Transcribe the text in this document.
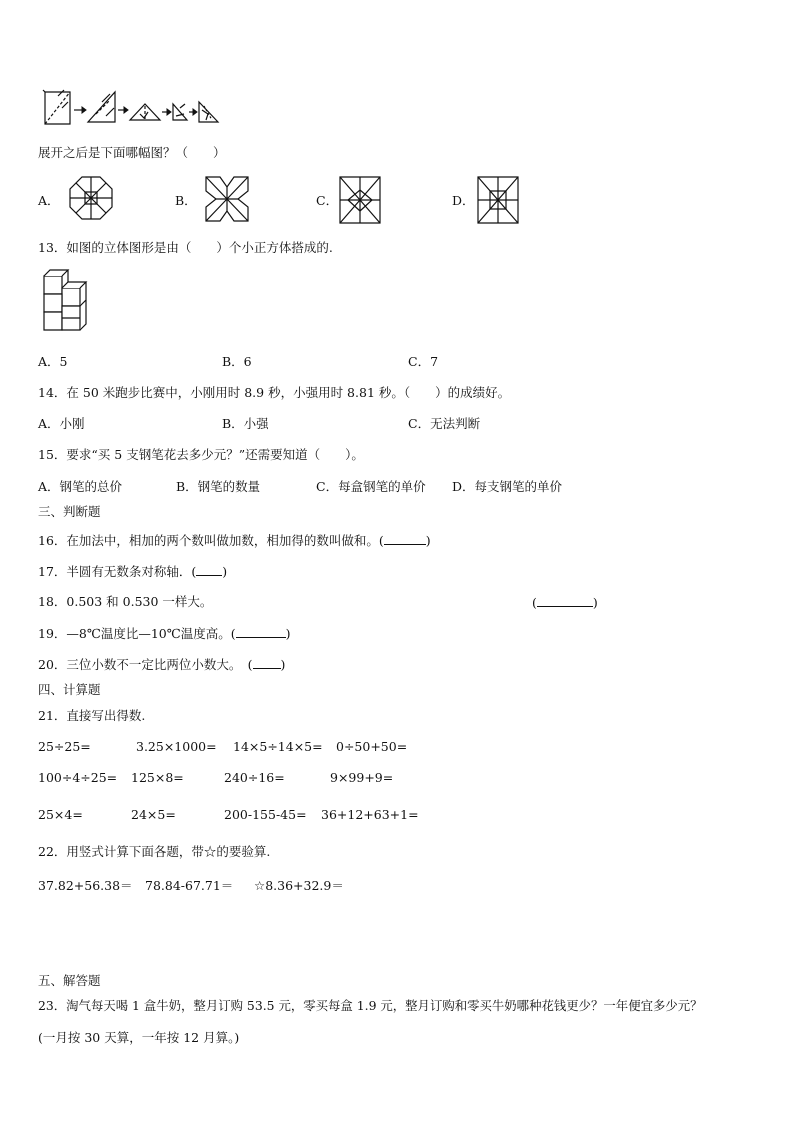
展开之后是下面哪幅图？（　　）
A．	B．	C．	D．
13．如图的立体图形是由（　　）个小正方体搭成的.
A．5	B．6	C．7
14．在 50 米跑步比赛中，小刚用时 8.9 秒，小强用时 8.81 秒。（　　）的成绩好。
A．小刚	B．小强	C．无法判断
15．要求“买 5 支钢笔花去多少元？”还需要知道（　　）。
A．钢笔的总价	B．钢笔的数量	C．每盒钢笔的单价 D．每支钢笔的单价
三、判断题
16．在加法中，相加的两个数叫做加数，相加得的数叫做和。(	)
17．半圆有无数条对称轴．( )
18．0.503 和 0.530 一样大。	(	)
19．—8℃温度比—10℃温度高。(	)
20．三位小数不一定比两位小数大。　( )
四、计算题
21．直接写出得数.
25÷25=	3.25×1000= 14×5÷14×5= 0÷50+50=
100÷4÷25= 125×8=	240÷16=	9×99+9=
25×4=	24×5=	200-155-45= 36+12+63+1=
22．用竖式计算下面各题，带☆的要验算.
37.82+56.38＝ 78.84-67.71＝ ☆8.36+32.9＝
五、解答题
23．淘气每天喝 1 盒牛奶，整月订购 53.5 元，零买每盒 1.9 元，整月订购和零买牛奶哪种花钱更少？一年便宜多少元？
(一月按 30 天算，一年按 12 月算。)
